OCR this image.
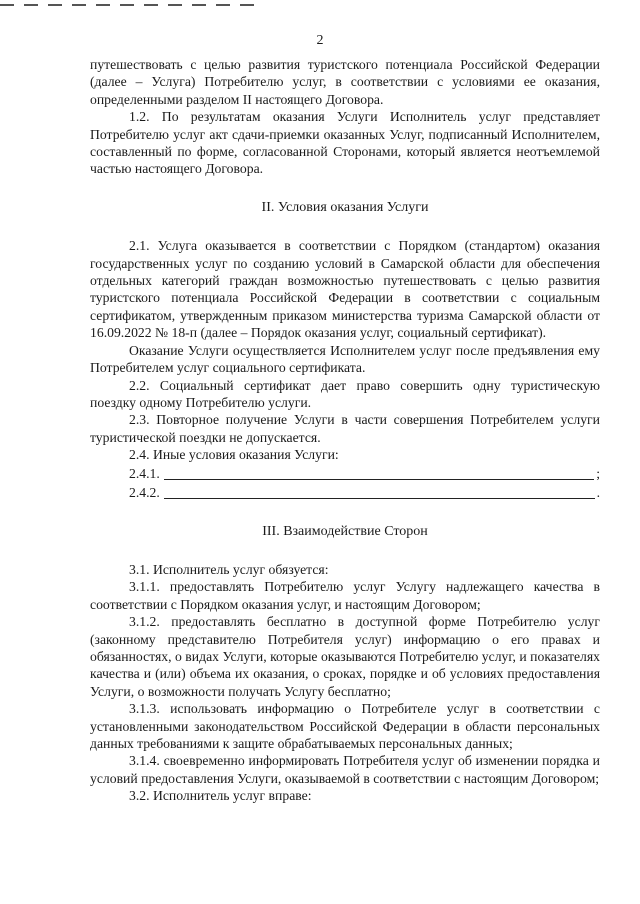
2

путешествовать с целью развития туристского потенциала Российской Федерации (далее – Услуга) Потребителю услуг, в соответствии с условиями ее оказания, определенными разделом II настоящего Договора.

1.2. По результатам оказания Услуги Исполнитель услуг представляет Потребителю услуг акт сдачи-приемки оказанных Услуг, подписанный Исполнителем, составленный по форме, согласованной Сторонами, который является неотъемлемой частью настоящего Договора.

II. Условия оказания Услуги

2.1. Услуга оказывается в соответствии с Порядком (стандартом) оказания государственных услуг по созданию условий в Самарской области для обеспечения отдельных категорий граждан возможностью путешествовать с целью развития туристского потенциала Российской Федерации в соответствии с социальным сертификатом, утвержденным приказом министерства туризма Самарской области от 16.09.2022 № 18-п (далее – Порядок оказания услуг, социальный сертификат).

Оказание Услуги осуществляется Исполнителем услуг после предъявления ему Потребителем услуг социального сертификата.

2.2. Социальный сертификат дает право совершить одну туристическую поездку одному Потребителю услуги.

2.3. Повторное получение Услуги в части совершения Потребителем услуги туристической поездки не допускается.

2.4. Иные условия оказания Услуги:

2.4.1.	;
2.4.2.	.
III. Взаимодействие Сторон

3.1. Исполнитель услуг обязуется:

3.1.1. предоставлять Потребителю услуг Услугу надлежащего качества в соответствии с Порядком оказания услуг, и настоящим Договором;

3.1.2. предоставлять бесплатно в доступной форме Потребителю услуг (законному представителю Потребителя услуг) информацию о его правах и обязанностях, о видах Услуги, которые оказываются Потребителю услуг, и показателях качества и (или) объема их оказания, о сроках, порядке и об условиях предоставления Услуги, о возможности получать Услугу бесплатно;

3.1.3. использовать информацию о Потребителе услуг в соответствии с установленными законодательством Российской Федерации в области персональных данных требованиями к защите обрабатываемых персональных данных;

3.1.4. своевременно информировать Потребителя услуг об изменении порядка и условий предоставления Услуги, оказываемой в соответствии с настоящим Договором;

3.2. Исполнитель услуг вправе:
